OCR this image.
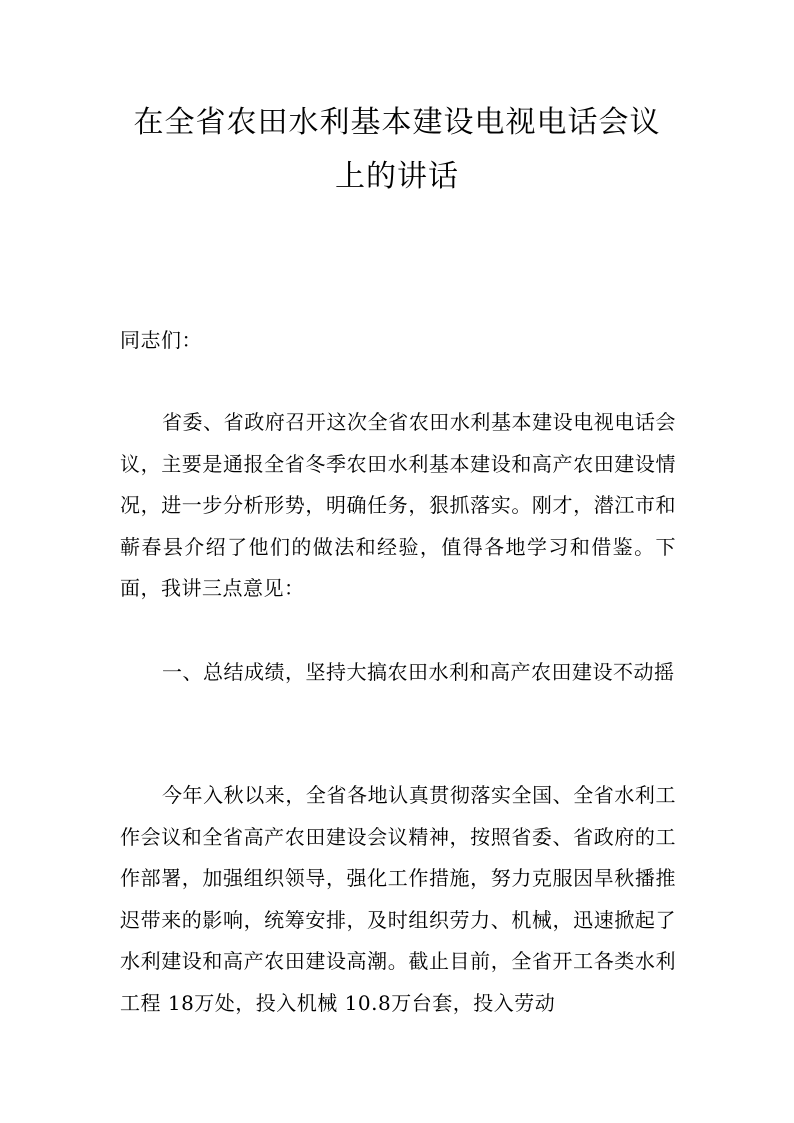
在全省农田水利基本建设电视电话会议
上的讲话

同志们：

省委、省政府召开这次全省农田水利基本建设电视电话会议，主要是通报全省冬季农田水利基本建设和高产农田建设情况，进一步分析形势，明确任务，狠抓落实。刚才，潜江市和蕲春县介绍了他们的做法和经验，值得各地学习和借鉴。下面，我讲三点意见：

一、总结成绩，坚持大搞农田水利和高产农田建设不动摇

今年入秋以来，全省各地认真贯彻落实全国、全省水利工作会议和全省高产农田建设会议精神，按照省委、省政府的工作部署，加强组织领导，强化工作措施，努力克服因旱秋播推迟带来的影响，统筹安排，及时组织劳力、机械，迅速掀起了水利建设和高产农田建设高潮。截止目前，全省开工各类水利工程 18万处，投入机械 10.8万台套，投入劳动
